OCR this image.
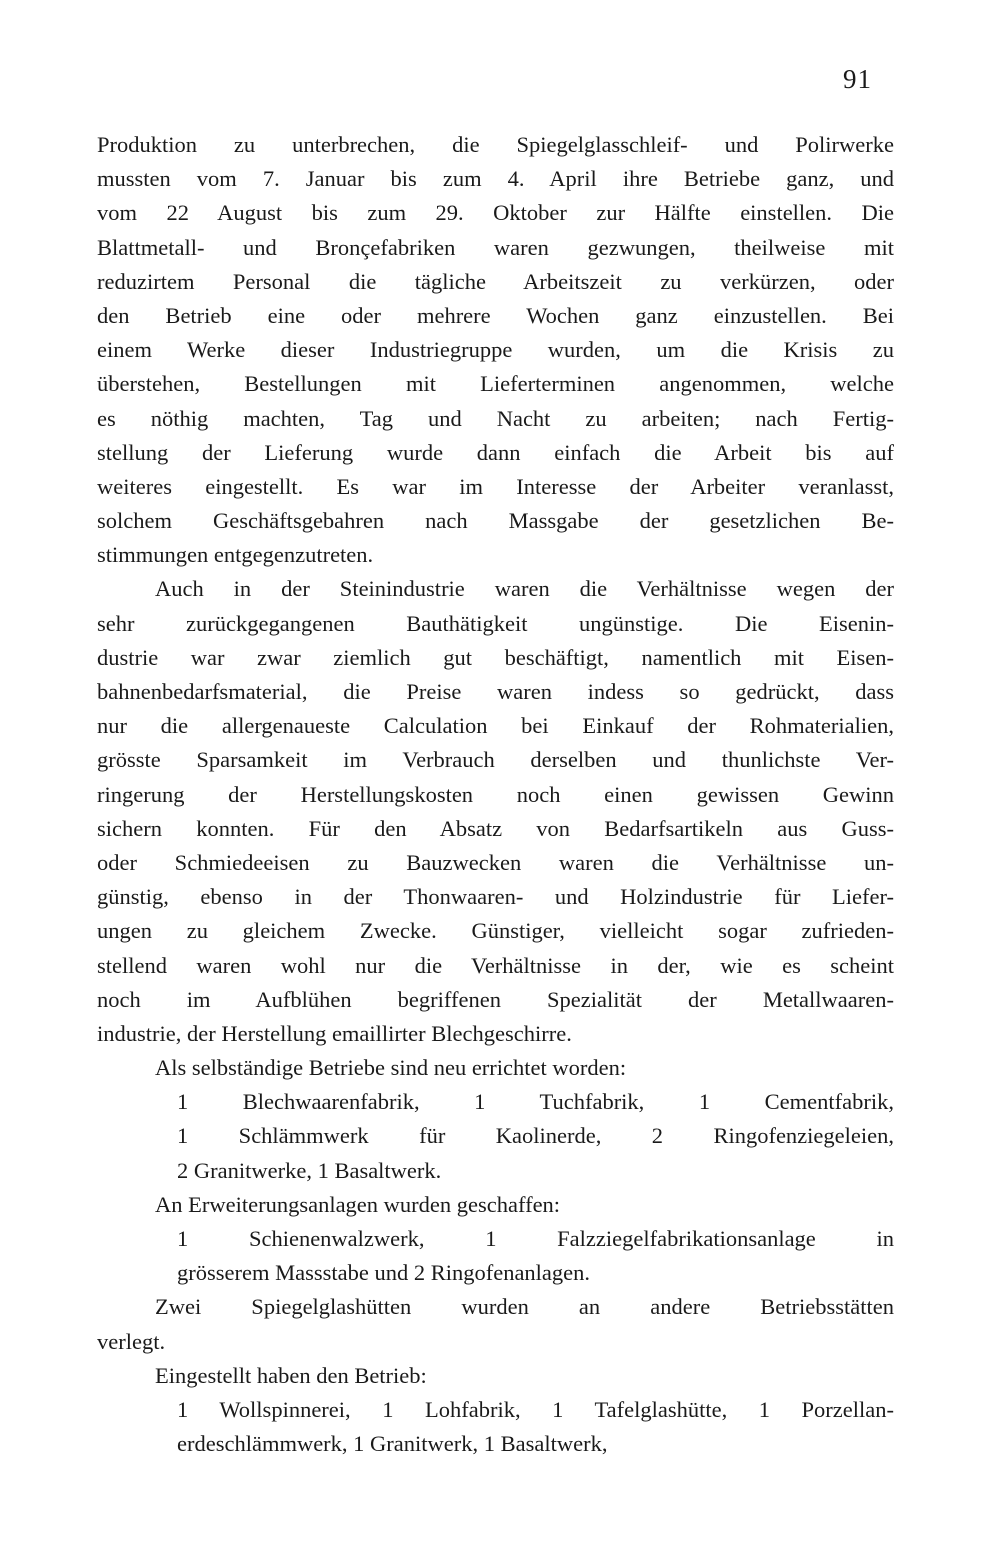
91
Produktion zu unterbrechen, die Spiegelglasschleif- und Polirwerke
mussten vom 7. Januar bis zum 4. April ihre Betriebe ganz, und
vom 22 August bis zum 29. Oktober zur Hälfte einstellen. Die
Blattmetall- und Bronçefabriken waren gezwungen, theilweise mit
reduzirtem Personal die tägliche Arbeitszeit zu verkürzen, oder
den Betrieb eine oder mehrere Wochen ganz einzustellen. Bei
einem Werke dieser Industriegruppe wurden, um die Krisis zu
überstehen, Bestellungen mit Lieferterminen angenommen, welche
es nöthig machten, Tag und Nacht zu arbeiten; nach Fertig-
stellung der Lieferung wurde dann einfach die Arbeit bis auf
weiteres eingestellt. Es war im Interesse der Arbeiter veranlasst,
solchem Geschäftsgebahren nach Massgabe der gesetzlichen Be-
stimmungen entgegenzutreten.
Auch in der Steinindustrie waren die Verhältnisse wegen der
sehr zurückgegangenen Bauthätigkeit ungünstige. Die Eisenin-
dustrie war zwar ziemlich gut beschäftigt, namentlich mit Eisen-
bahnenbedarfsmaterial, die Preise waren indess so gedrückt, dass
nur die allergenaueste Calculation bei Einkauf der Rohmaterialien,
grösste Sparsamkeit im Verbrauch derselben und thunlichste Ver-
ringerung der Herstellungskosten noch einen gewissen Gewinn
sichern konnten. Für den Absatz von Bedarfsartikeln aus Guss-
oder Schmiedeeisen zu Bauzwecken waren die Verhältnisse un-
günstig, ebenso in der Thonwaaren- und Holzindustrie für Liefer-
ungen zu gleichem Zwecke. Günstiger, vielleicht sogar zufrieden-
stellend waren wohl nur die Verhältnisse in der, wie es scheint
noch im Aufblühen begriffenen Spezialität der Metallwaaren-
industrie, der Herstellung emaillirter Blechgeschirre.
Als selbständige Betriebe sind neu errichtet worden:
1 Blechwaarenfabrik, 1 Tuchfabrik, 1 Cementfabrik,
1 Schlämmwerk für Kaolinerde, 2 Ringofenziegeleien,
2 Granitwerke, 1 Basaltwerk.
An Erweiterungsanlagen wurden geschaffen:
1 Schienenwalzwerk, 1 Falzziegelfabrikationsanlage in
grösserem Massstabe und 2 Ringofenanlagen.
Zwei Spiegelglashütten wurden an andere Betriebsstätten
verlegt.
Eingestellt haben den Betrieb:
1 Wollspinnerei, 1 Lohfabrik, 1 Tafelglashütte, 1 Porzellan-
erdeschlämmwerk, 1 Granitwerk, 1 Basaltwerk,
